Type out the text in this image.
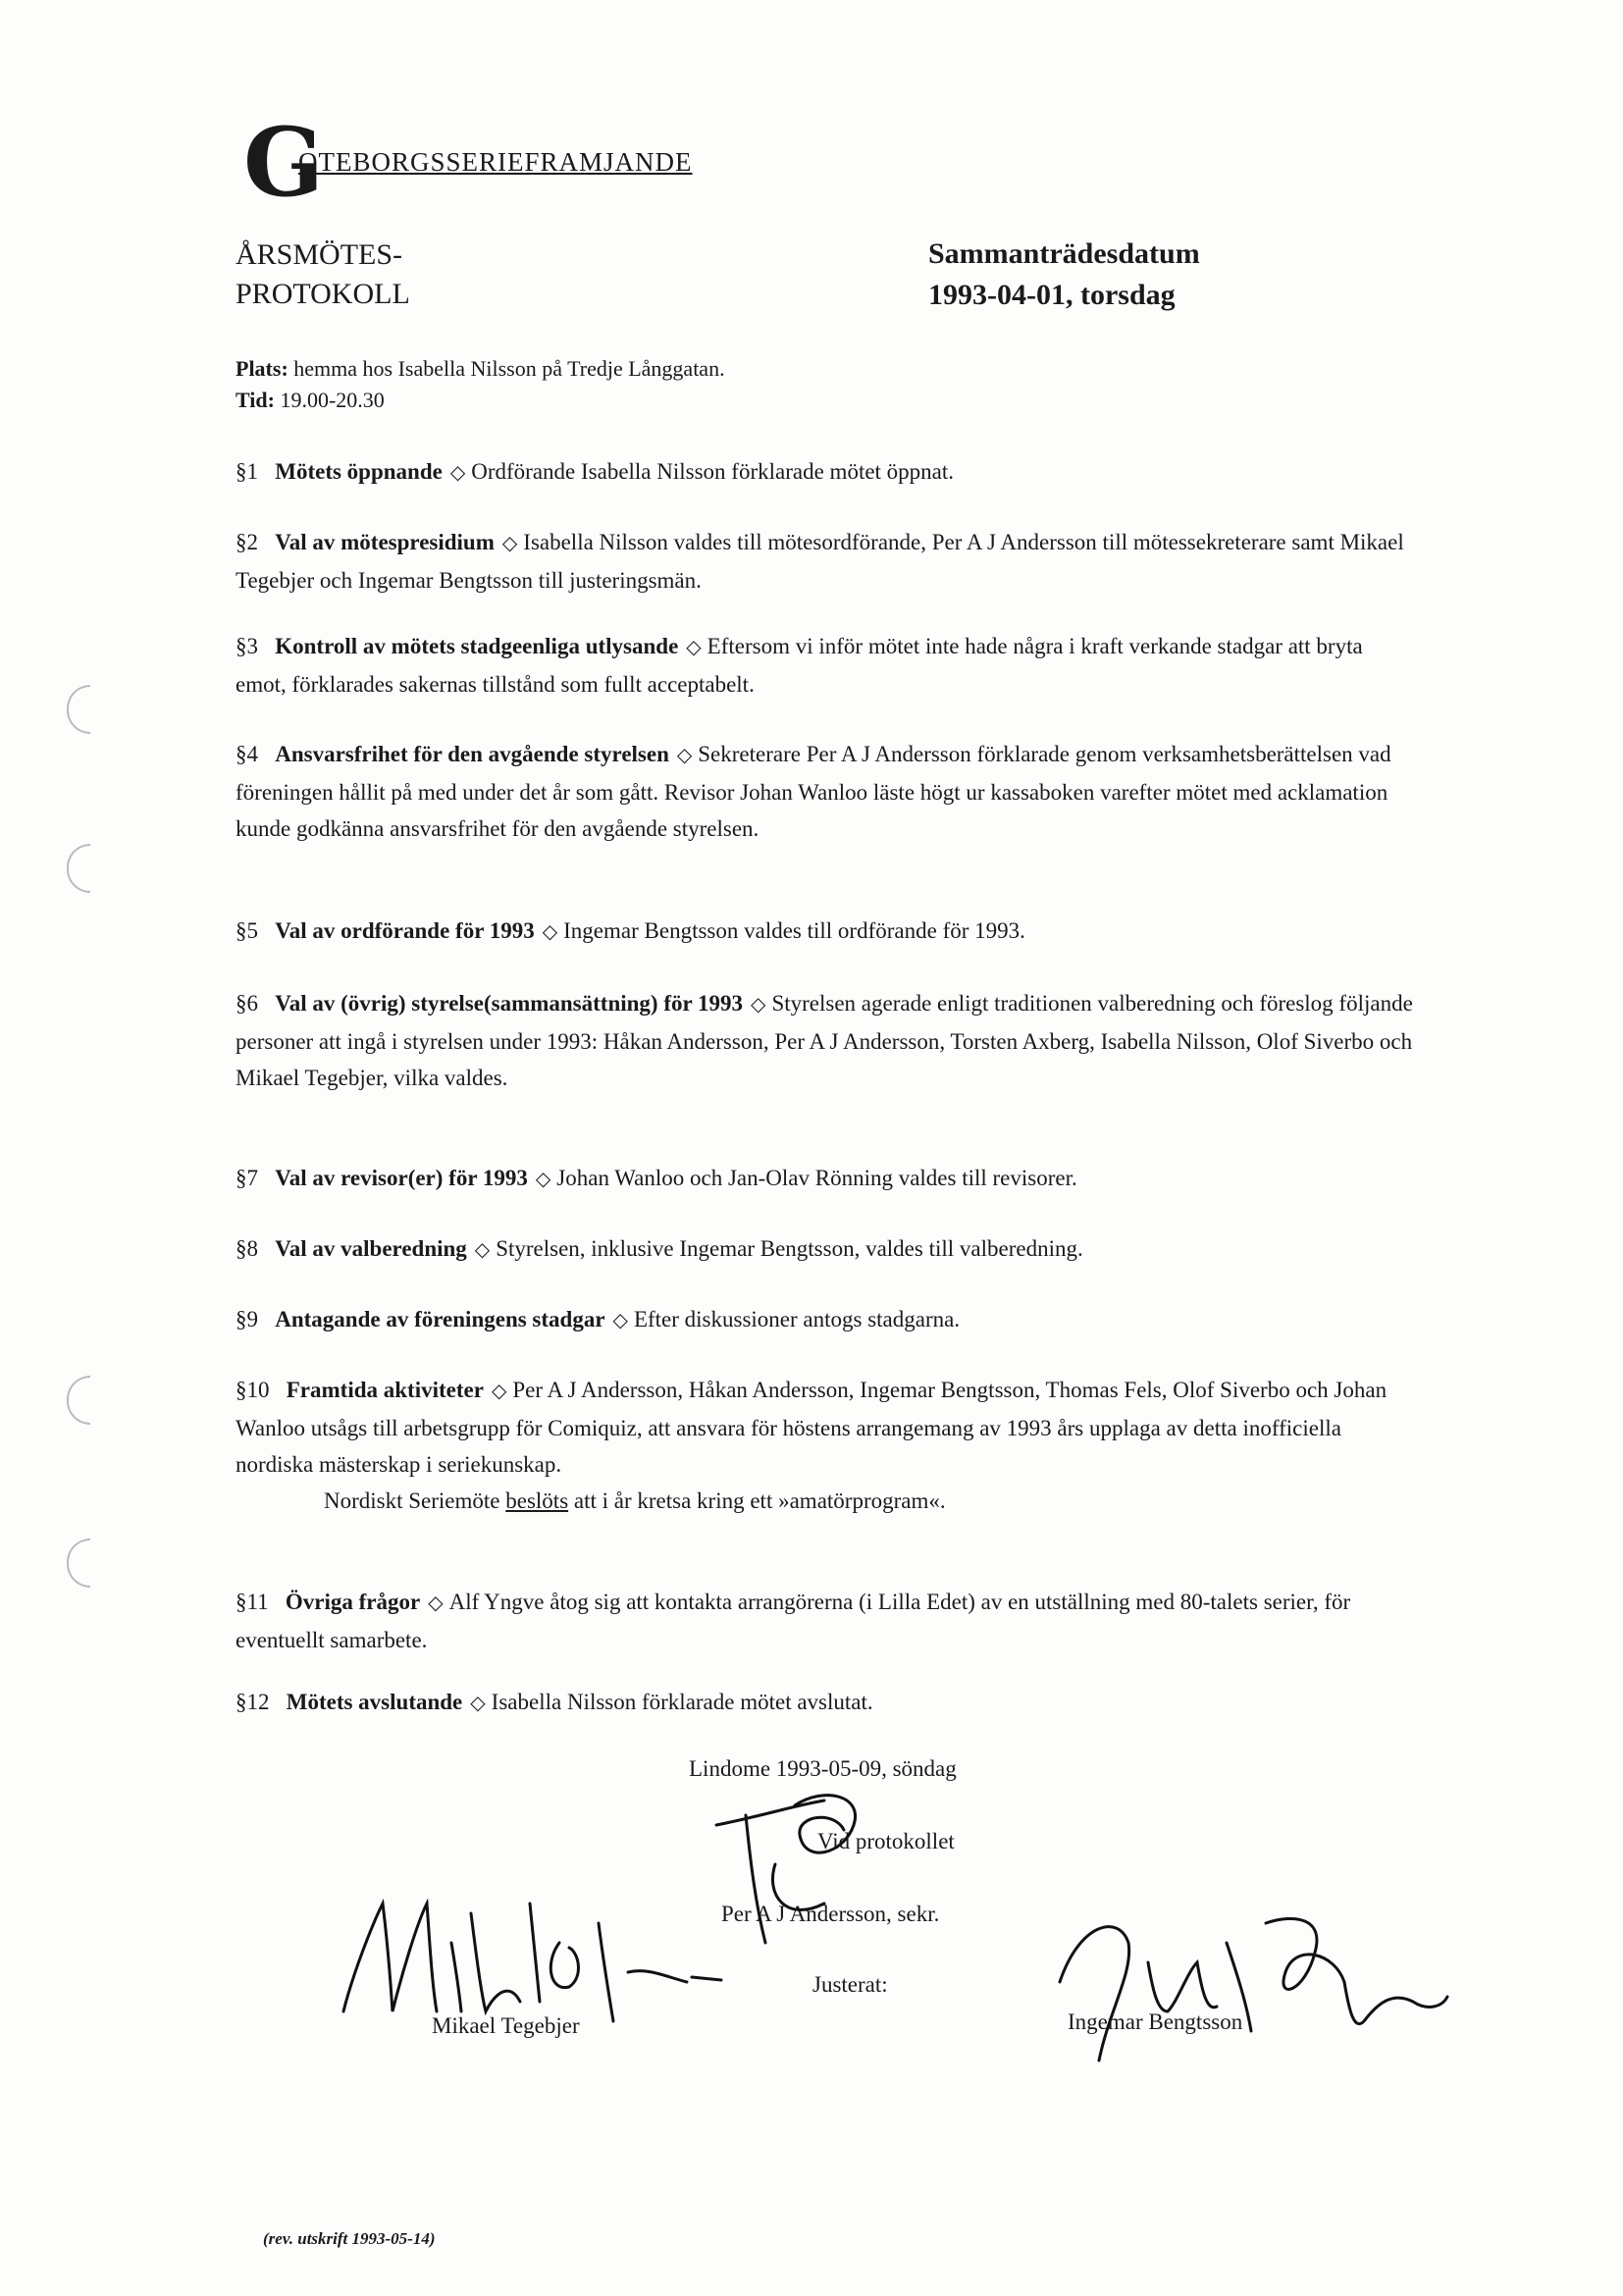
G
OTEBORGSSERIEFRAMJANDE
ÅRSMÖTES-
PROTOKOLL
Sammanträdesdatum
1993-04-01, torsdag
Plats: hemma hos Isabella Nilsson på Tredje Långgatan.
Tid: 19.00-20.30

§1 Mötets öppnande ◇ Ordförande Isabella Nilsson förklarade mötet öppnat.

§2 Val av mötespresidium ◇ Isabella Nilsson valdes till mötesordförande, Per A J Andersson till mötessekreterare samt Mikael Tegebjer och Ingemar Bengtsson till justeringsmän.

§3 Kontroll av mötets stadgeenliga utlysande ◇ Eftersom vi inför mötet inte hade några i kraft verkande stadgar att bryta emot, förklarades sakernas tillstånd som fullt acceptabelt.

§4 Ansvarsfrihet för den avgående styrelsen ◇ Sekreterare Per A J Andersson förklarade genom verksamhetsberättelsen vad föreningen hållit på med under det år som gått. Revisor Johan Wanloo läste högt ur kassaboken varefter mötet med acklamation kunde godkänna ansvarsfrihet för den avgående styrelsen.

§5 Val av ordförande för 1993 ◇ Ingemar Bengtsson valdes till ordförande för 1993.

§6 Val av (övrig) styrelse(sammansättning) för 1993 ◇ Styrelsen agerade enligt traditionen valberedning och föreslog följande personer att ingå i styrelsen under 1993: Håkan Andersson, Per A J Andersson, Torsten Axberg, Isabella Nilsson, Olof Siverbo och Mikael Tegebjer, vilka valdes.

§7 Val av revisor(er) för 1993 ◇ Johan Wanloo och Jan-Olav Rönning valdes till revisorer.

§8 Val av valberedning ◇ Styrelsen, inklusive Ingemar Bengtsson, valdes till valberedning.

§9 Antagande av föreningens stadgar ◇ Efter diskussioner antogs stadgarna.

§10 Framtida aktiviteter ◇ Per A J Andersson, Håkan Andersson, Ingemar Bengtsson, Thomas Fels, Olof Siverbo och Johan Wanloo utsågs till arbetsgrupp för Comiquiz, att ansvara för höstens arrangemang av 1993 års upplaga av detta inofficiella nordiska mästerskap i seriekunskap.

Nordiskt Seriemöte beslöts att i år kretsa kring ett »amatörprogram«.

§11 Övriga frågor ◇ Alf Yngve åtog sig att kontakta arrangörerna (i Lilla Edet) av en utställning med 80-talets serier, för eventuellt samarbete.

§12 Mötets avslutande ◇ Isabella Nilsson förklarade mötet avslutat.

Lindome 1993-05-09, söndag
Vid protokollet
Per A J Andersson, sekr.
Justerat:
Mikael Tegebjer	Ingemar Bengtsson
(rev. utskrift 1993-05-14)
